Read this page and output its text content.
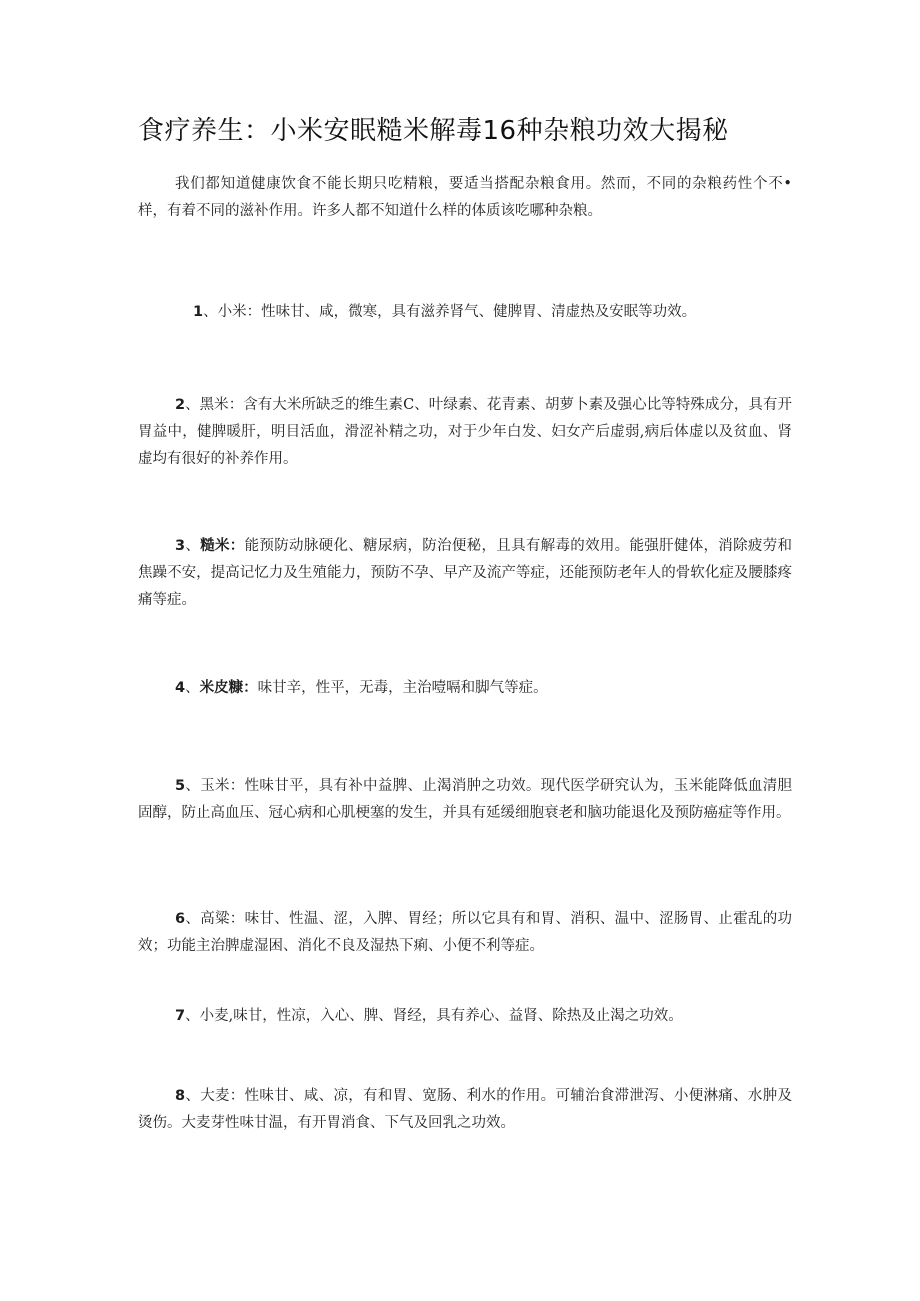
食疗养生：小米安眠糙米解毒16种杂粮功效大揭秘

我们都知道健康饮食不能长期只吃精粮，要适当搭配杂粮食用。然而，不同的杂粮药性个不•样，有着不同的滋补作用。许多人都不知道什么样的体质该吃哪种杂粮。

1、小米：性味甘、咸，微寒，具有滋养肾气、健脾胃、清虚热及安眠等功效。

2、黑米：含有大米所缺乏的维生素C、叶绿素、花青素、胡萝卜素及强心比等特殊成分，具有开胃益中，健脾暖肝，明目活血，滑涩补精之功，对于少年白发、妇女产后虚弱,病后体虚以及贫血、肾虚均有很好的补养作用。

3、糙米：能预防动脉硬化、糖尿病，防治便秘，且具有解毒的效用。能强肝健体，消除疲劳和焦躁不安，提高记忆力及生殖能力，预防不孕、早产及流产等症，还能预防老年人的骨软化症及腰膝疼痛等症。

4、米皮糠：味甘辛，性平，无毒，主治噎嗝和脚气等症。

5、玉米：性味甘平，具有补中益脾、止渴消肿之功效。现代医学研究认为，玉米能降低血清胆固醇，防止高血压、冠心病和心肌梗塞的发生，并具有延缓细胞衰老和脑功能退化及预防癌症等作用。

6、高粱：味甘、性温、涩，入脾、胃经；所以它具有和胃、消积、温中、涩肠胃、止霍乱的功效；功能主治脾虚湿困、消化不良及湿热下痢、小便不利等症。

7、小麦,味甘，性凉，入心、脾、肾经，具有养心、益肾、除热及止渴之功效。

8、大麦：性味甘、咸、凉，有和胃、宽肠、利水的作用。可辅治食滞泄泻、小便淋痛、水肿及烫伤。大麦芽性味甘温，有开胃消食、下气及回乳之功效。
